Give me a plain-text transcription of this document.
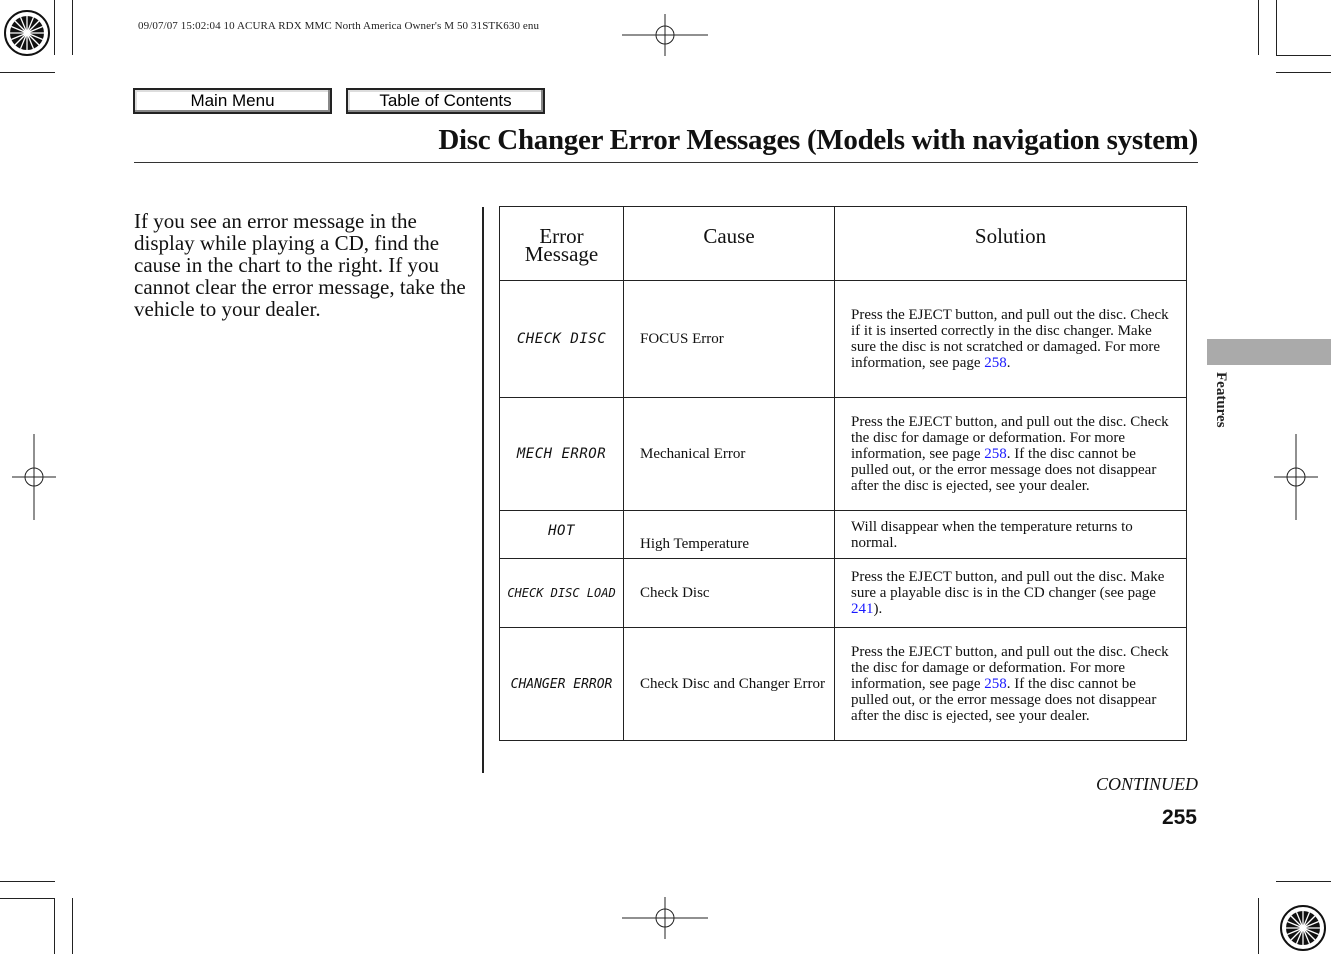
09/07/07 15:02:04 10 ACURA RDX MMC North America Owner's M 50 31STK630 enu
Main Menu	Table of Contents
Disc Changer Error Messages (Models with navigation system)
If you see an error message in the display while playing a CD, find the cause in the chart to the right. If you cannot clear the error message, take the vehicle to your dealer.
Error
Message	Cause	Solution
CHECK DISC	FOCUS Error	Press the EJECT button, and pull out the disc. Check if it is inserted correctly in the disc changer. Make sure the disc is not scratched or damaged. For more information, see page 258.
MECH ERROR	Mechanical Error	Press the EJECT button, and pull out the disc. Check the disc for damage or deformation. For more information, see page 258. If the disc cannot be pulled out, or the error message does not disappear after the disc is ejected, see your dealer.
HOT	High Temperature	Will disappear when the temperature returns to normal.
CHECK DISC LOAD	Check Disc	Press the EJECT button, and pull out the disc. Make sure a playable disc is in the CD changer (see page 241).
CHANGER ERROR	Check Disc and Changer Error	Press the EJECT button, and pull out the disc. Check the disc for damage or deformation. For more information, see page 258. If the disc cannot be pulled out, or the error message does not disappear after the disc is ejected, see your dealer.
Features
CONTINUED
255
